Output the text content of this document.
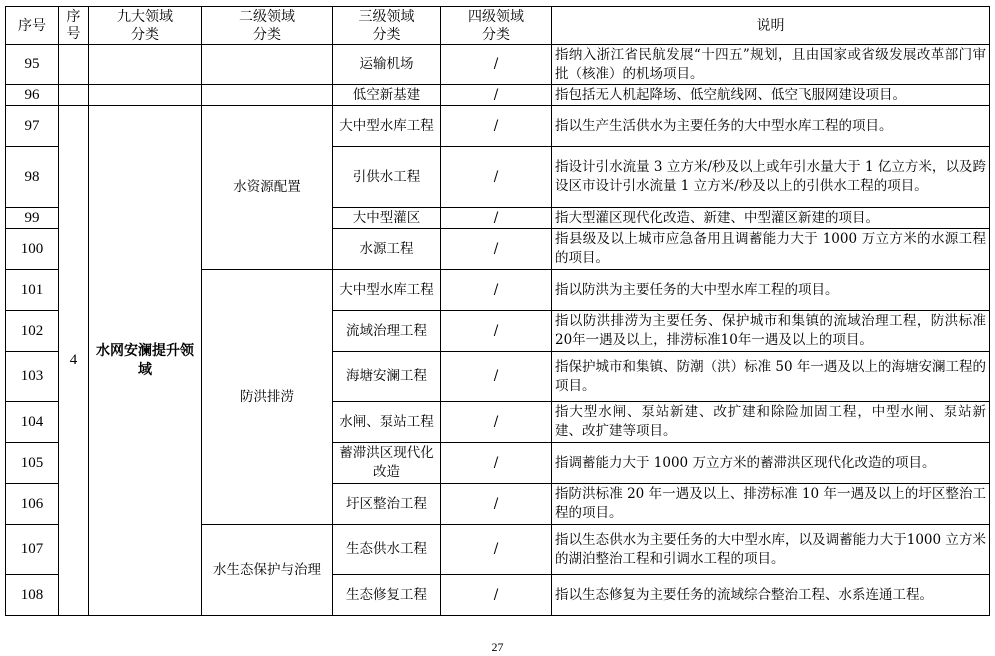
序号	序号	九大领域分类	二级领域分类	三级领域分类	四级领域分类	说明
95				运输机场	/	指纳入浙江省民航发展“十四五”规划，且由国家或省级发展改革部门审批（核准）的机场项目。
96				低空新基建	/	指包括无人机起降场、低空航线网、低空飞服网建设项目。
97	4	水网安澜提升领域	水资源配置	大中型水库工程	/	指以生产生活供水为主要任务的大中型水库工程的项目。
98				引供水工程	/	指设计引水流量 3 立方米/秒及以上或年引水量大于 1 亿立方米，以及跨设区市设计引水流量 1 立方米/秒及以上的引供水工程的项目。
99				大中型灌区	/	指大型灌区现代化改造、新建、中型灌区新建的项目。
100				水源工程	/	指县级及以上城市应急备用且调蓄能力大于 1000 万立方米的水源工程的项目。
101			防洪排涝	大中型水库工程	/	指以防洪为主要任务的大中型水库工程的项目。
102				流域治理工程	/	指以防洪排涝为主要任务、保护城市和集镇的流域治理工程，防洪标准20年一遇及以上，排涝标准10年一遇及以上的项目。
103				海塘安澜工程	/	指保护城市和集镇、防潮（洪）标准 50 年一遇及以上的海塘安澜工程的项目。
104				水闸、泵站工程	/	指大型水闸、泵站新建、改扩建和除险加固工程，中型水闸、泵站新建、改扩建等项目。
105				蓄滞洪区现代化改造	/	指调蓄能力大于 1000 万立方米的蓄滞洪区现代化改造的项目。
106				圩区整治工程	/	指防洪标准 20 年一遇及以上、排涝标准 10 年一遇及以上的圩区整治工程的项目。
107			水生态保护与治理	生态供水工程	/	指以生态供水为主要任务的大中型水库，以及调蓄能力大于1000 立方米的湖泊整治工程和引调水工程的项目。
108				生态修复工程	/	指以生态修复为主要任务的流域综合整治工程、水系连通工程。
27
